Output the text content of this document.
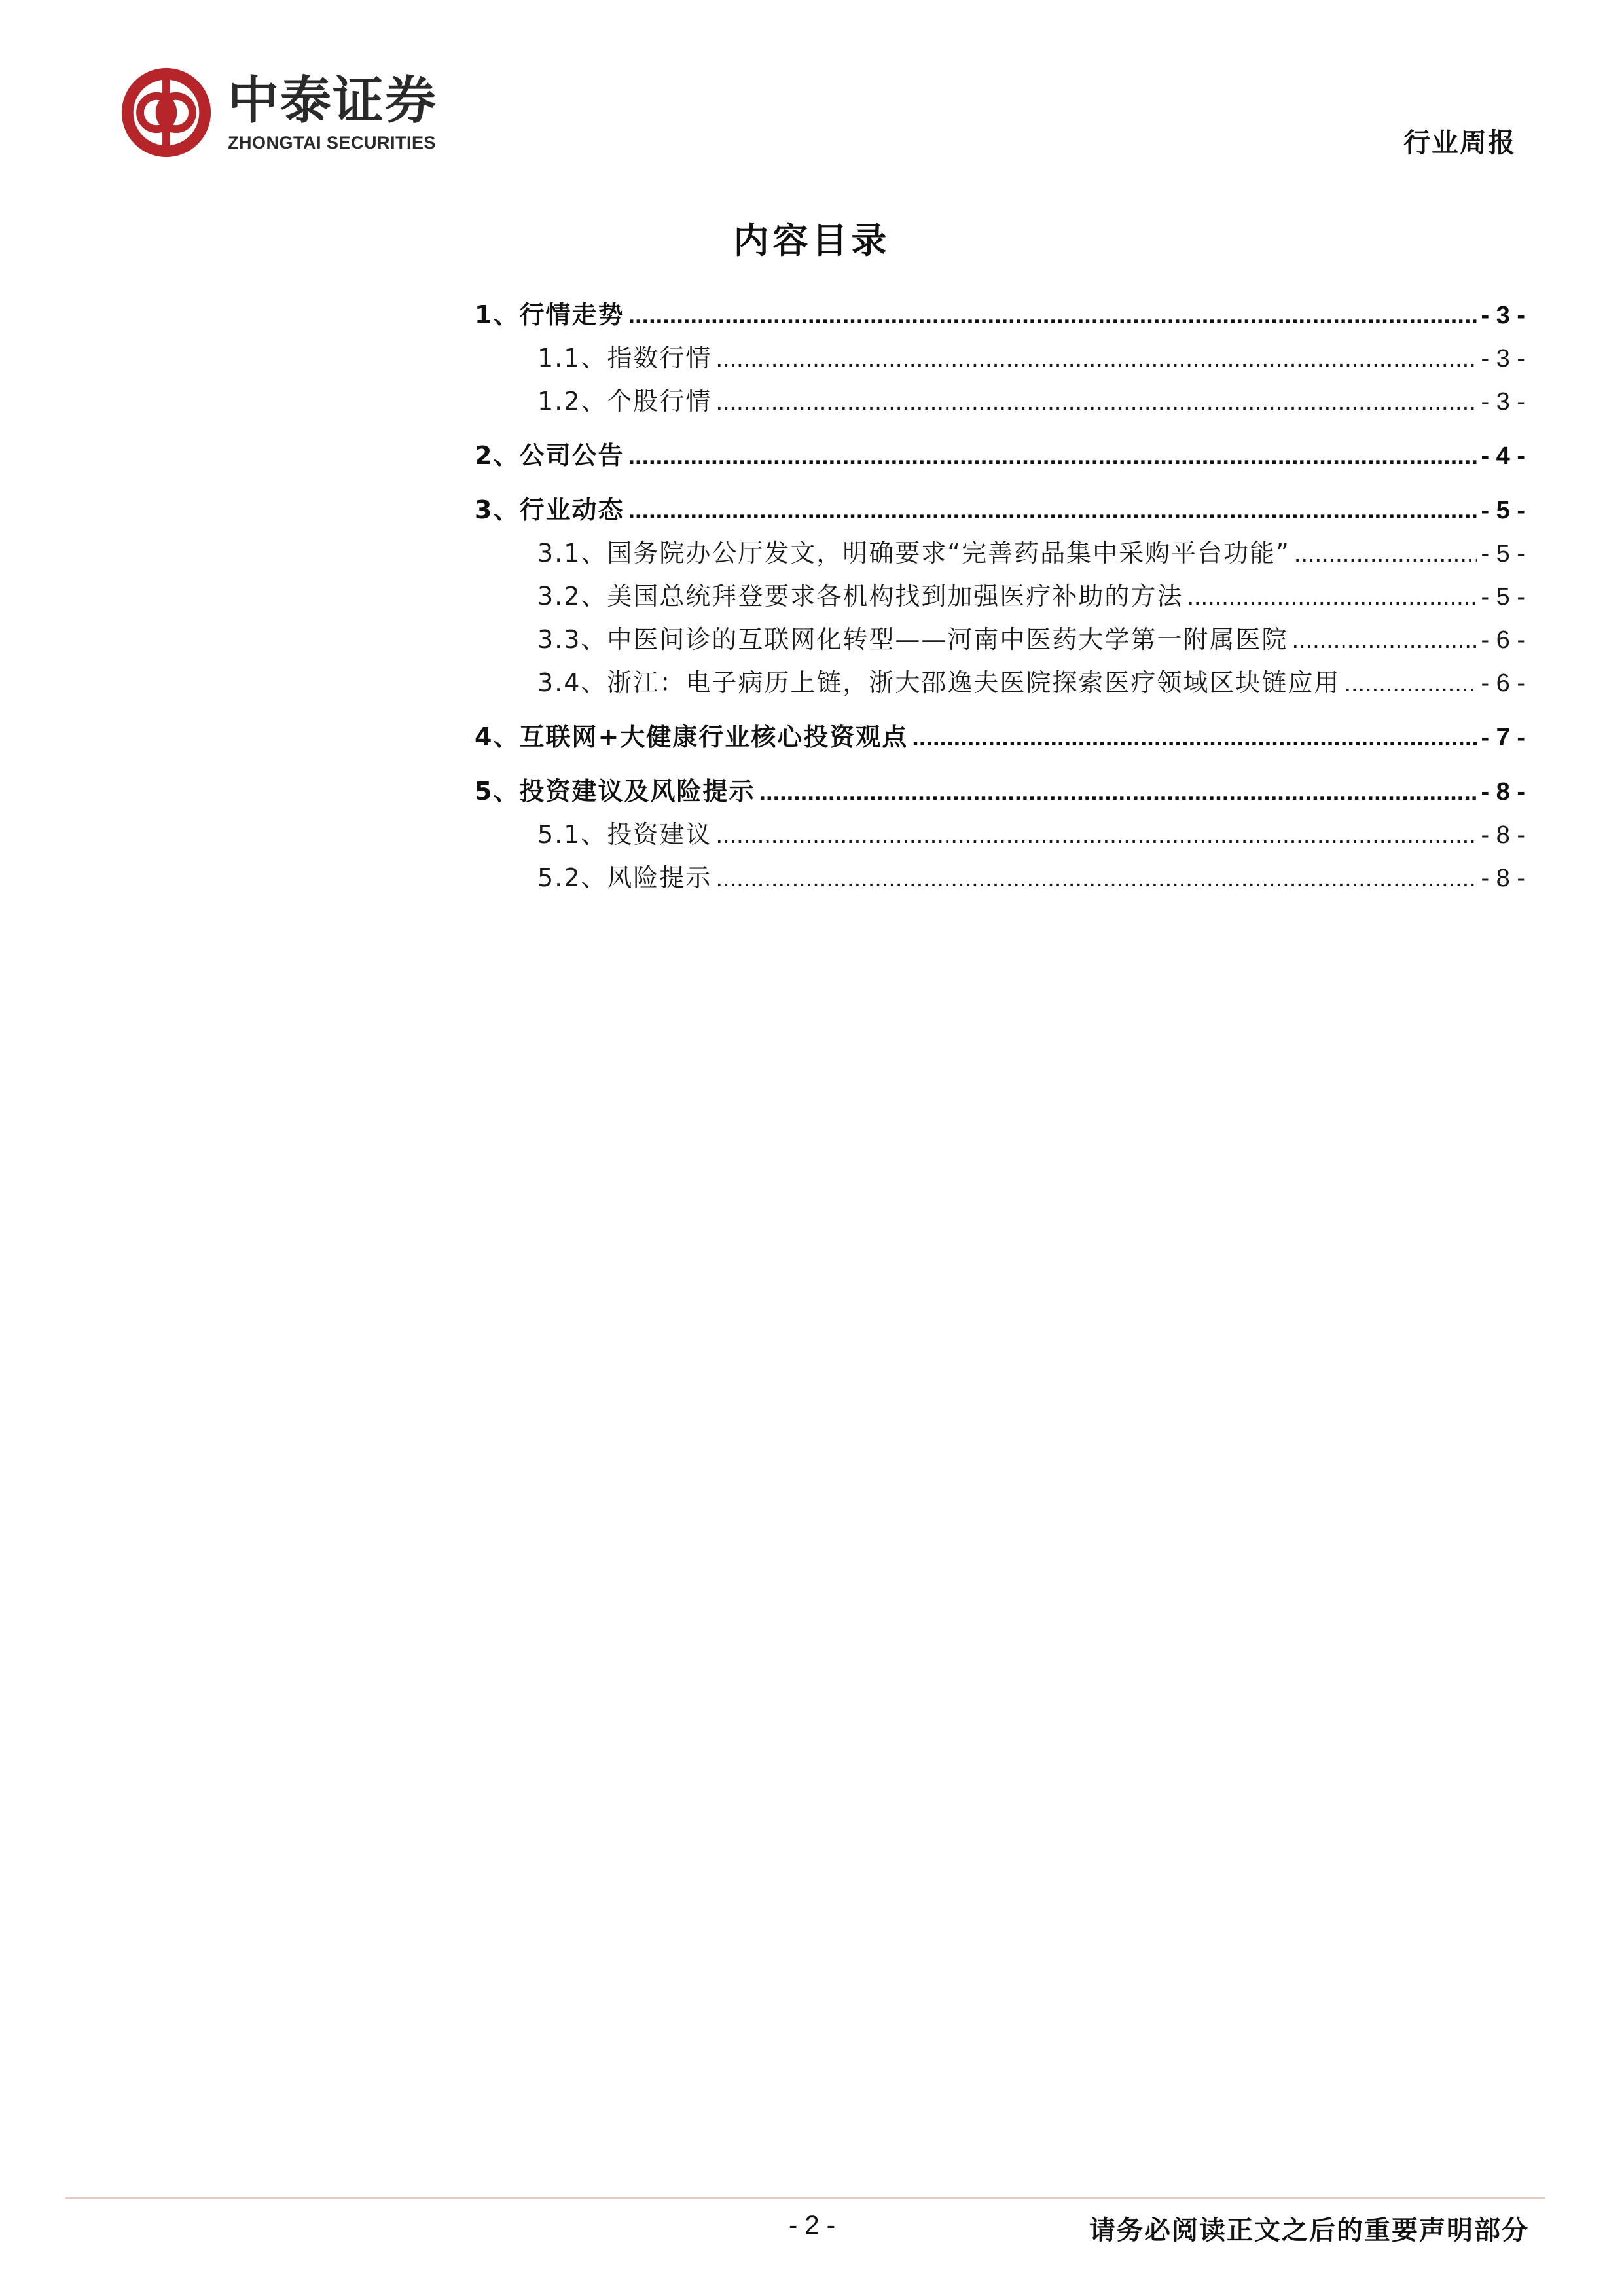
中泰证券
ZHONGTAI SECURITIES	行业周报
内容目录
1、行情走势 .....	- 3 -
1.1、指数行情 .....	- 3 -
1.2、个股行情 .....	- 3 -
2、公司公告 .....	- 4 -
3、行业动态 .....	- 5 -
3.1、国务院办公厅发文，明确要求“完善药品集中采购平台功能” .....	- 5 -
3.2、美国总统拜登要求各机构找到加强医疗补助的方法 .....	- 5 -
3.3、中医问诊的互联网化转型——河南中医药大学第一附属医院 .....	- 6 -
3.4、浙江：电子病历上链，浙大邵逸夫医院探索医疗领域区块链应用 .....	- 6 -
4、互联网+大健康行业核心投资观点 .....	- 7 -
5、投资建议及风险提示 .....	- 8 -
5.1、投资建议 .....	- 8 -
5.2、风险提示 .....	- 8 -
- 2 -	请务必阅读正文之后的重要声明部分
